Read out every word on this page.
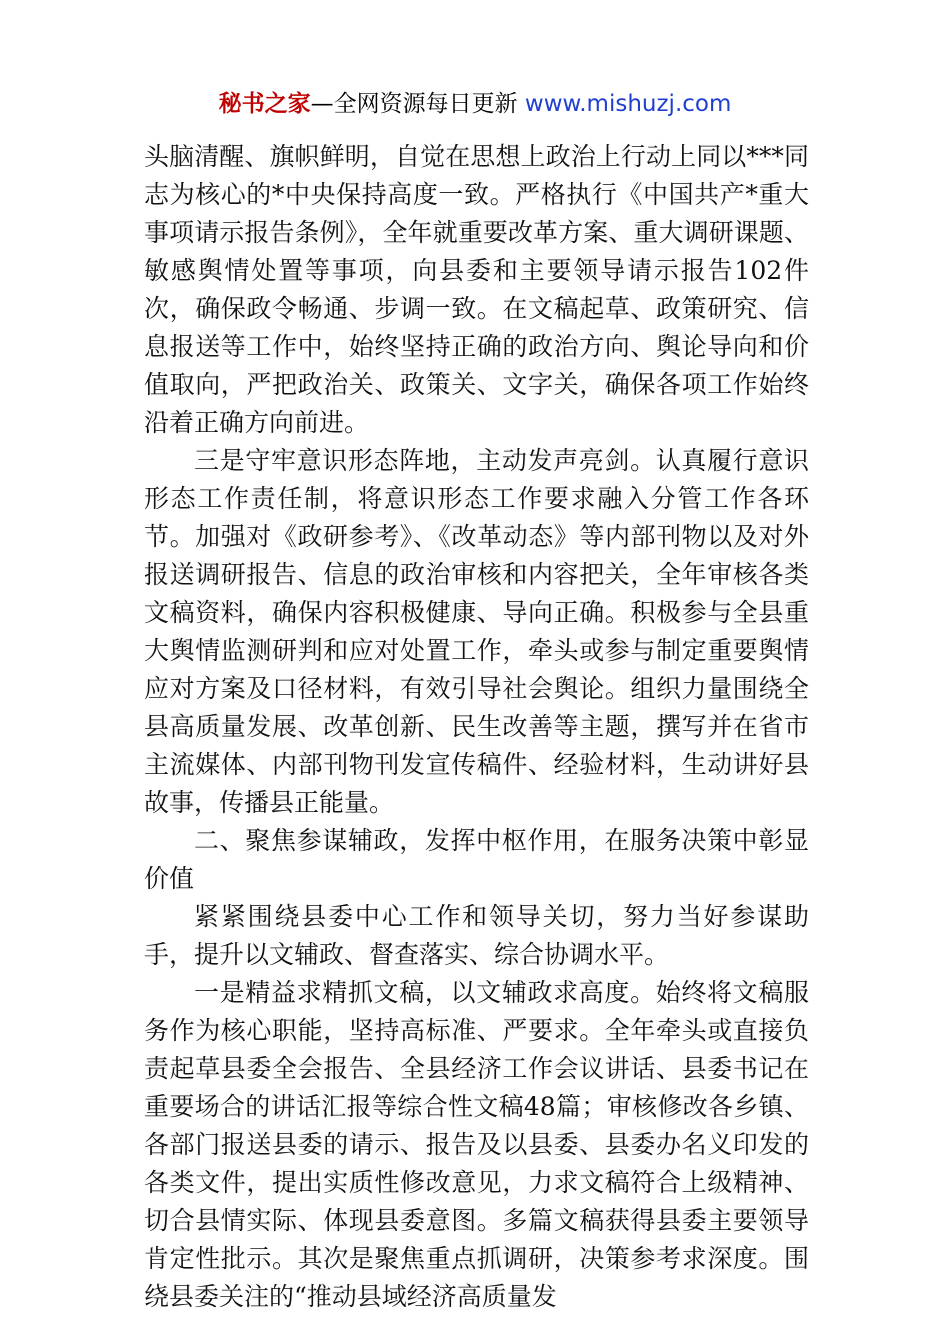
秘书之家—全网资源每日更新 www.mishuzj.com

头脑清醒、旗帜鲜明，自觉在思想上政治上行动上同以***同志为核心的*中央保持高度一致。严格执行《中国共产*重大事项请示报告条例》，全年就重要改革方案、重大调研课题、敏感舆情处置等事项，向县委和主要领导请示报告102件次，确保政令畅通、步调一致。在文稿起草、政策研究、信息报送等工作中，始终坚持正确的政治方向、舆论导向和价值取向，严把政治关、政策关、文字关，确保各项工作始终沿着正确方向前进。

三是守牢意识形态阵地，主动发声亮剑。认真履行意识形态工作责任制，将意识形态工作要求融入分管工作各环节。加强对《政研参考》、《改革动态》等内部刊物以及对外报送调研报告、信息的政治审核和内容把关，全年审核各类文稿资料，确保内容积极健康、导向正确。积极参与全县重大舆情监测研判和应对处置工作，牵头或参与制定重要舆情应对方案及口径材料，有效引导社会舆论。组织力量围绕全县高质量发展、改革创新、民生改善等主题，撰写并在省市主流媒体、内部刊物刊发宣传稿件、经验材料，生动讲好县故事，传播县正能量。

二、聚焦参谋辅政，发挥中枢作用，在服务决策中彰显价值

紧紧围绕县委中心工作和领导关切，努力当好参谋助手，提升以文辅政、督查落实、综合协调水平。

一是精益求精抓文稿，以文辅政求高度。始终将文稿服务作为核心职能，坚持高标准、严要求。全年牵头或直接负责起草县委全会报告、全县经济工作会议讲话、县委书记在重要场合的讲话汇报等综合性文稿48篇；审核修改各乡镇、各部门报送县委的请示、报告及以县委、县委办名义印发的各类文件，提出实质性修改意见，力求文稿符合上级精神、切合县情实际、体现县委意图。多篇文稿获得县委主要领导肯定性批示。其次是聚焦重点抓调研，决策参考求深度。围绕县委关注的“推动县域经济高质量发
